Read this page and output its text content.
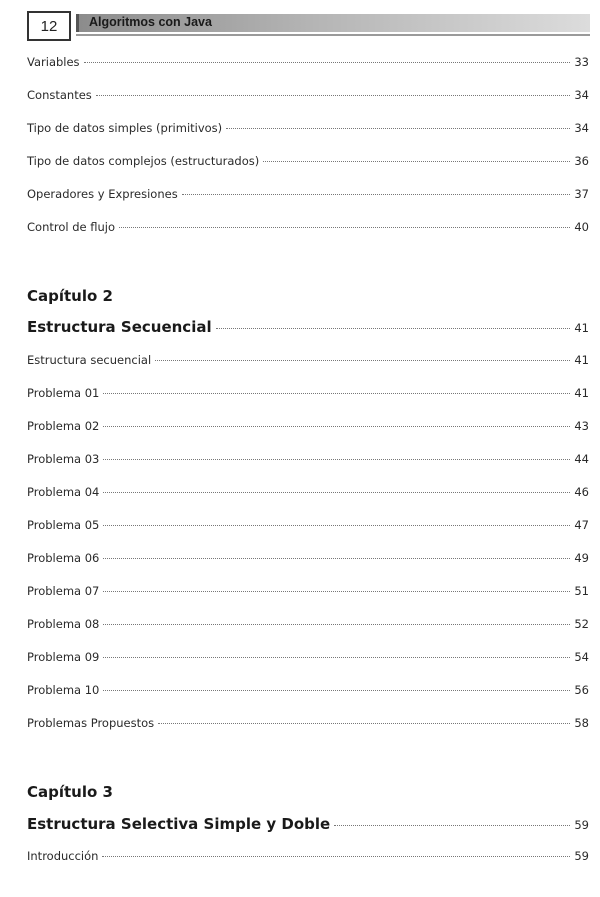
12	Algoritmos con Java
Variables	33
Constantes	34
Tipo de datos simples (primitivos)	34
Tipo de datos complejos (estructurados)	36
Operadores y Expresiones	37
Control de flujo	40
Capítulo 2
Estructura Secuencial	41
Estructura secuencial	41
Problema 01	41
Problema 02	43
Problema 03	44
Problema 04	46
Problema 05	47
Problema 06	49
Problema 07	51
Problema 08	52
Problema 09	54
Problema 10	56
Problemas Propuestos	58
Capítulo 3
Estructura Selectiva Simple y Doble	59
Introducción	59
